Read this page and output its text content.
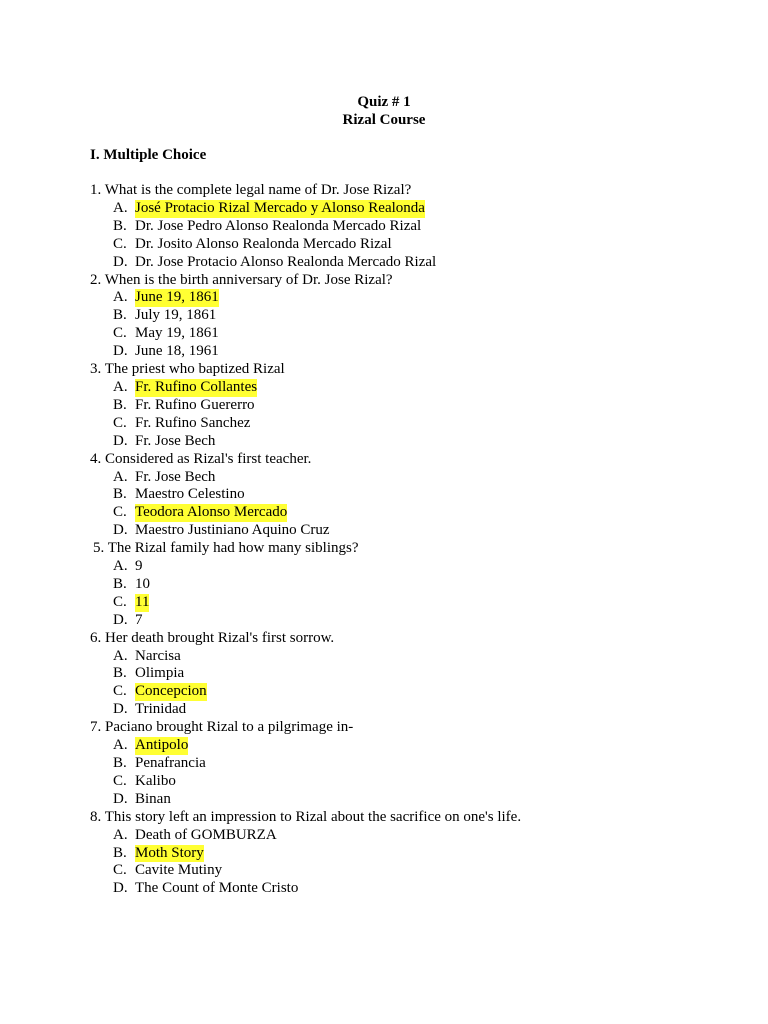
Quiz # 1
Rizal Course
I. Multiple Choice
1. What is the complete legal name of Dr. Jose Rizal?
A. José Protacio Rizal Mercado y Alonso Realonda
B. Dr. Jose Pedro Alonso Realonda Mercado Rizal
C. Dr. Josito Alonso Realonda Mercado Rizal
D. Dr. Jose Protacio Alonso Realonda Mercado Rizal
2. When is the birth anniversary of Dr. Jose Rizal?
A. June 19, 1861
B. July 19, 1861
C. May 19, 1861
D. June 18, 1961
3. The priest who baptized Rizal
A. Fr. Rufino Collantes
B. Fr. Rufino Guererro
C. Fr. Rufino Sanchez
D. Fr. Jose Bech
4. Considered as Rizal's first teacher.
A. Fr. Jose Bech
B. Maestro Celestino
C. Teodora Alonso Mercado
D. Maestro Justiniano Aquino Cruz
5. The Rizal family had how many siblings?
A. 9
B. 10
C. 11
D. 7
6. Her death brought Rizal's first sorrow.
A. Narcisa
B. Olimpia
C. Concepcion
D. Trinidad
7. Paciano brought Rizal to a pilgrimage in-
A. Antipolo
B. Penafrancia
C. Kalibo
D. Binan
8. This story left an impression to Rizal about the sacrifice on one's life.
A. Death of GOMBURZA
B. Moth Story
C. Cavite Mutiny
D. The Count of Monte Cristo
